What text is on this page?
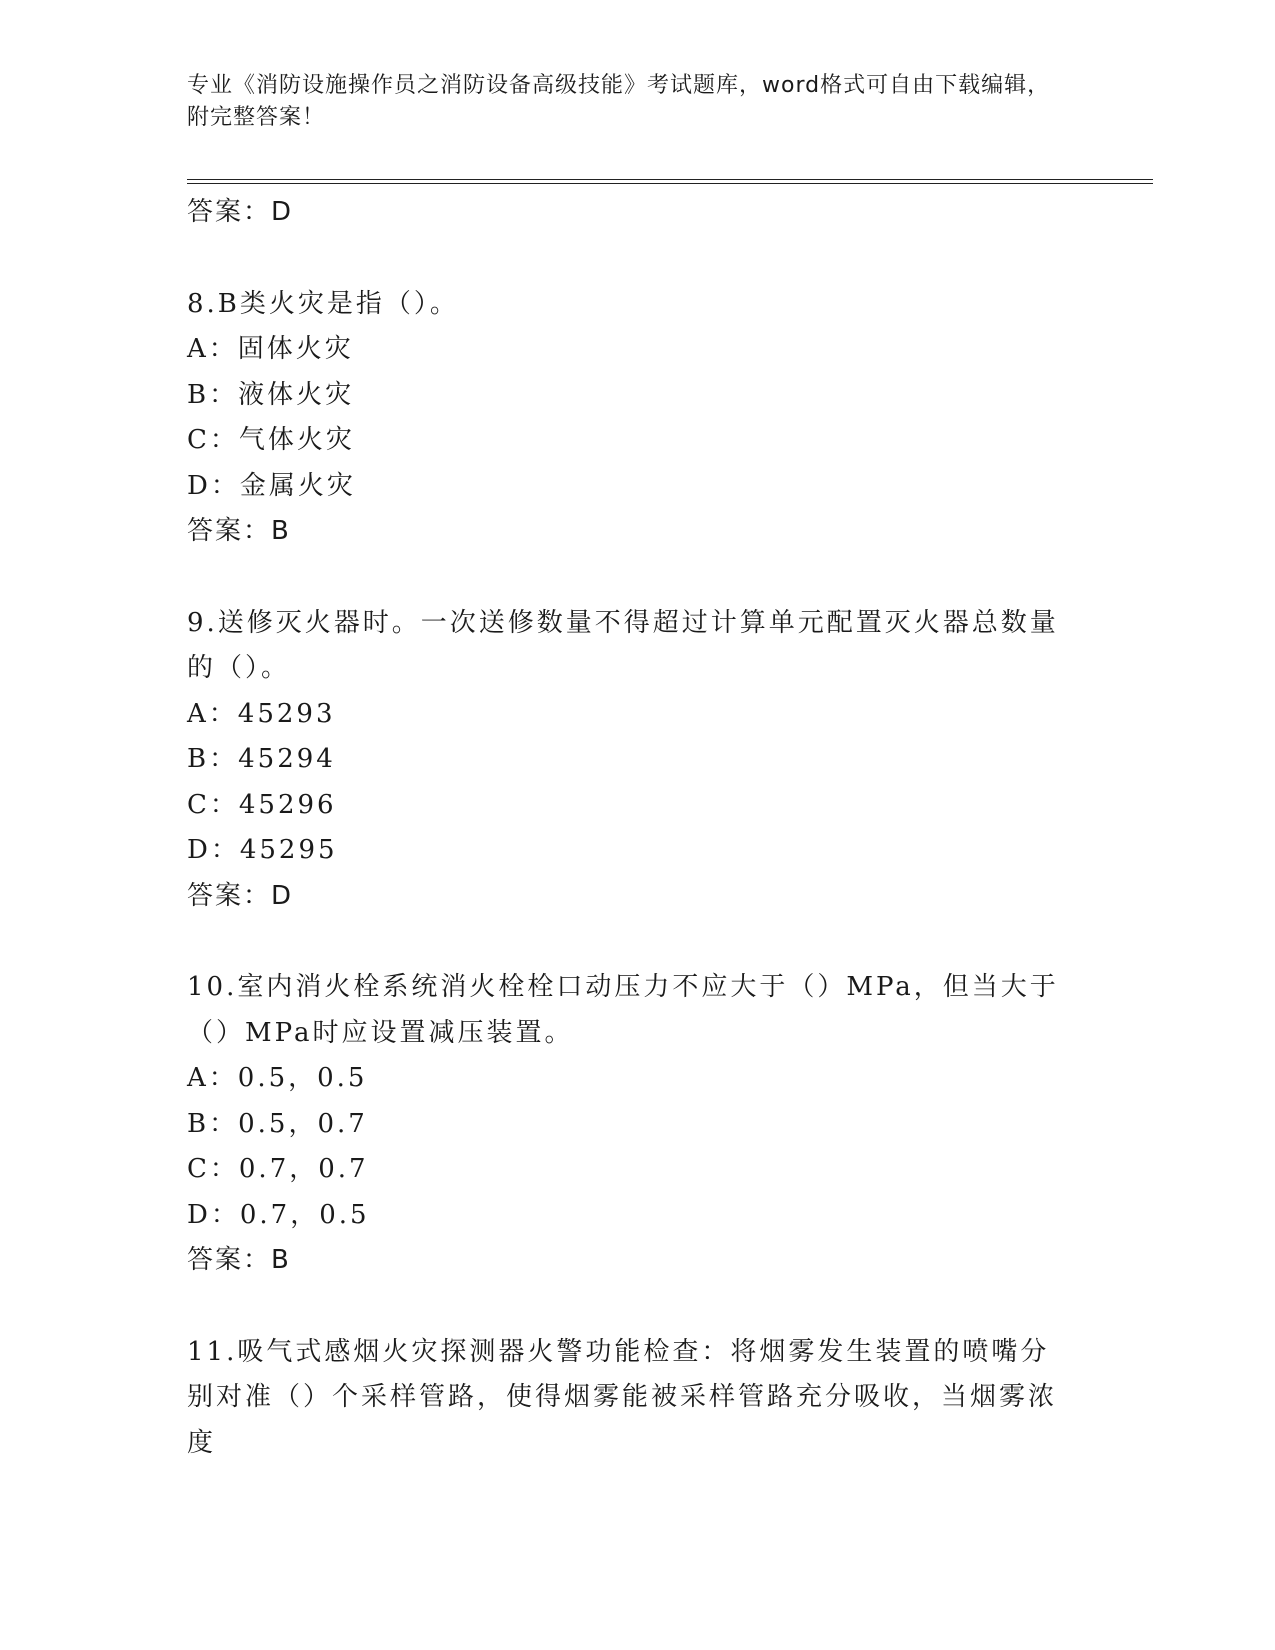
专业《消防设施操作员之消防设备高级技能》考试题库，word格式可自由下载编辑，附完整答案！
答案：D
8.B类火灾是指（）。
A：固体火灾
B：液体火灾
C：气体火灾
D：金属火灾
答案：B
9.送修灭火器时。一次送修数量不得超过计算单元配置灭火器总数量的（）。
A：45293
B：45294
C：45296
D：45295
答案：D
10.室内消火栓系统消火栓栓口动压力不应大于（）MPa，但当大于（）MPa时应设置减压装置。
A：0.5，0.5
B：0.5，0.7
C：0.7，0.7
D：0.7，0.5
答案：B
11.吸气式感烟火灾探测器火警功能检查：将烟雾发生装置的喷嘴分别对准（）个采样管路，使得烟雾能被采样管路充分吸收，当烟雾浓度
